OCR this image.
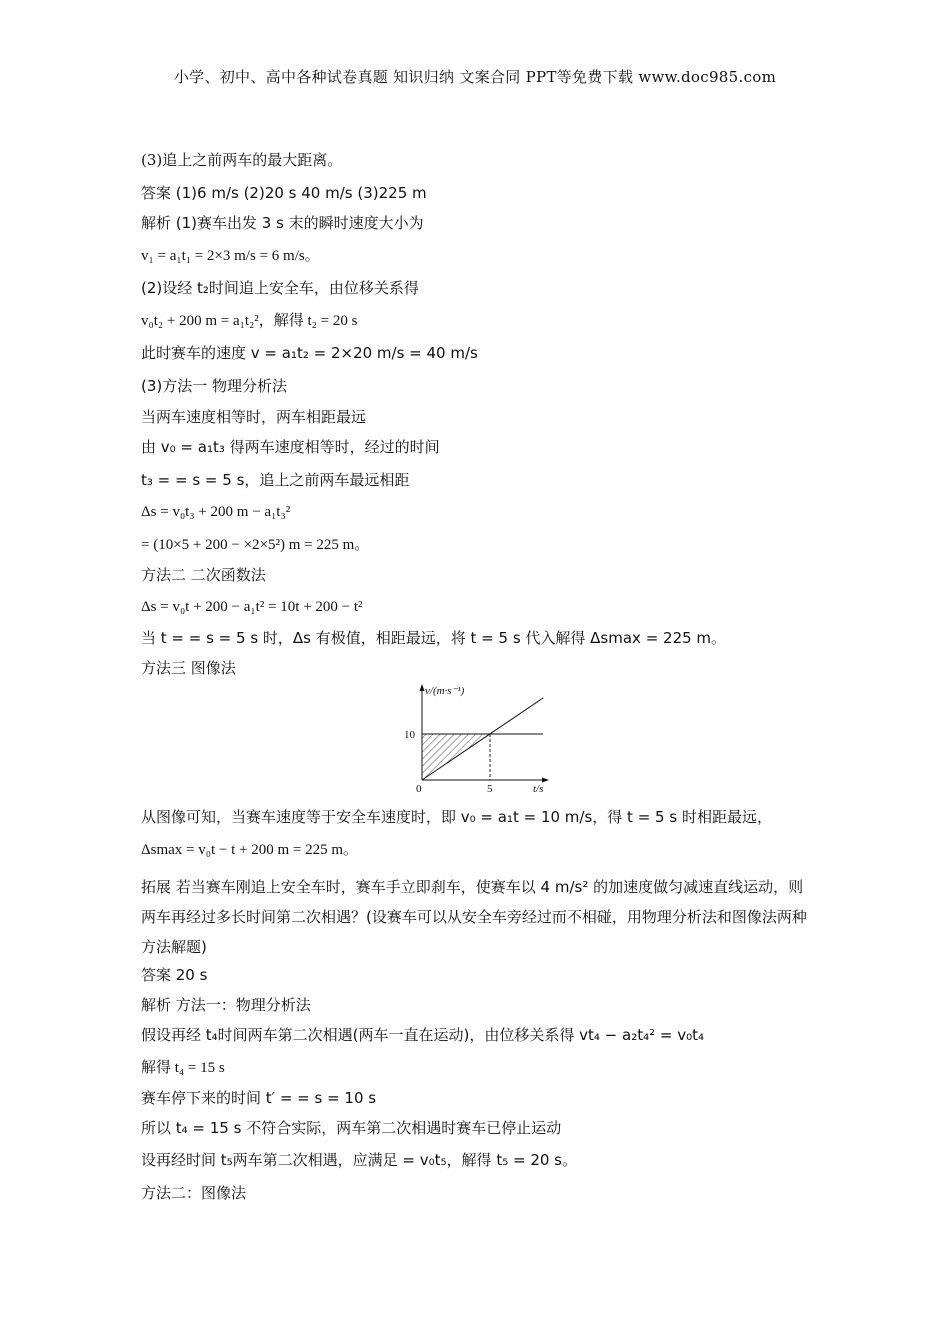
小学、初中、高中各种试卷真题 知识归纳 文案合同 PPT等免费下载 www.doc985.com
(3)追上之前两车的最大距离。
答案 (1)6 m/s (2)20 s 40 m/s (3)225 m
解析 (1)赛车出发 3 s 末的瞬时速度大小为
v₁ = a₁t₁ = 2×3 m/s = 6 m/s。
(2)设经 t₂时间追上安全车，由位移关系得
v₀t₂ + 200 m = a₁t₂²，解得 t₂ = 20 s
此时赛车的速度 v = a₁t₂ = 2×20 m/s = 40 m/s
(3)方法一 物理分析法
当两车速度相等时，两车相距最远
由 v₀ = a₁t₃ 得两车速度相等时，经过的时间
t₃ = = s = 5 s，追上之前两车最远相距
Δs = v₀t₃ + 200 m − a₁t₃²
= (10×5 + 200 − ×2×5²) m = 225 m。
方法二 二次函数法
Δs = v₀t + 200 − a₁t² = 10t + 200 − t²
当 t = = s = 5 s 时，Δs 有极值，相距最远，将 t = 5 s 代入解得 Δsmax = 225 m。
方法三 图像法
从图像可知，当赛车速度等于安全车速度时，即 v₀ = a₁t = 10 m/s，得 t = 5 s 时相距最远，
Δsmax = v₀t − t + 200 m = 225 m。
拓展 若当赛车刚追上安全车时，赛车手立即刹车，使赛车以 4 m/s² 的加速度做匀减速直线运动，则两车再经过多长时间第二次相遇？(设赛车可以从安全车旁经过而不相碰，用物理分析法和图像法两种方法解题)
答案 20 s
解析 方法一：物理分析法
假设再经 t₄时间两车第二次相遇(两车一直在运动)，由位移关系得 vt₄ − a₂t₄² = v₀t₄
解得 t₄ = 15 s
赛车停下来的时间 t′ = = s = 10 s
所以 t₄ = 15 s 不符合实际，两车第二次相遇时赛车已停止运动
设再经时间 t₅两车第二次相遇，应满足 = v₀t₅，解得 t₅ = 20 s。
方法二：图像法
v/(m·s⁻¹)
t/s
10
0	5
